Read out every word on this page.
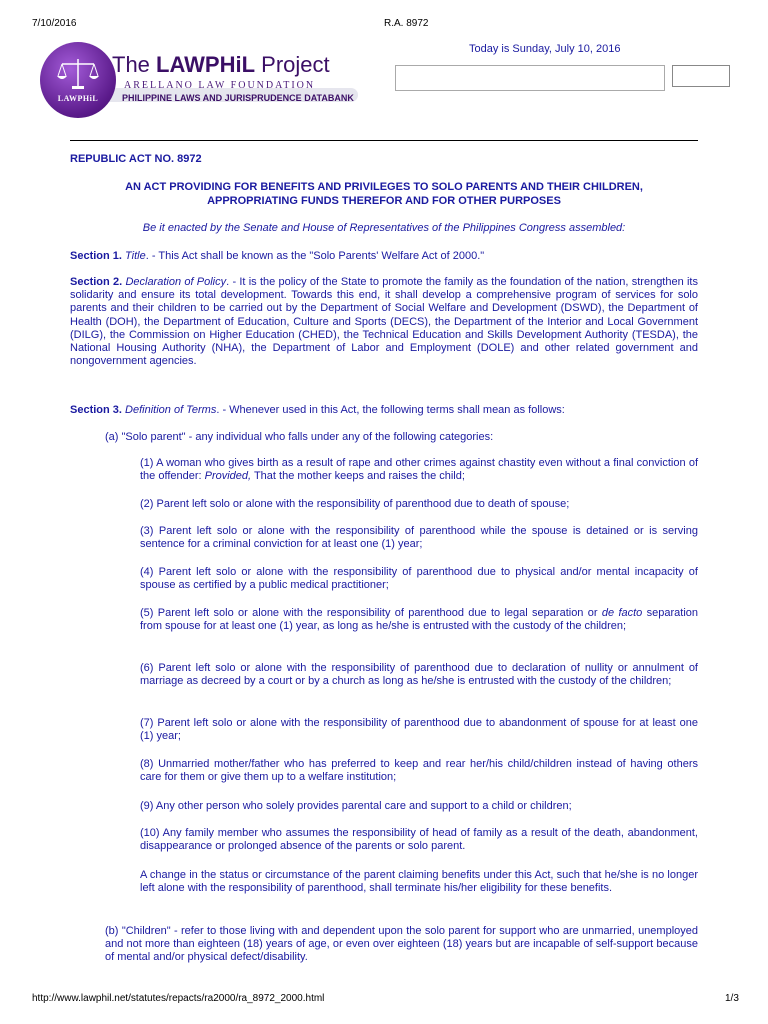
7/10/2016	R.A. 8972
LAWPHiL
The LAWPHiL Project
ARELLANO LAW FOUNDATION
PHILIPPINE LAWS AND JURISPRUDENCE DATABANK
Today is Sunday, July 10, 2016
REPUBLIC ACT NO. 8972
AN ACT PROVIDING FOR BENEFITS AND PRIVILEGES TO SOLO PARENTS AND THEIR CHILDREN,
APPROPRIATING FUNDS THEREFOR AND FOR OTHER PURPOSES
Be it enacted by the Senate and House of Representatives of the Philippines Congress assembled:
Section 1. Title. - This Act shall be known as the "Solo Parents' Welfare Act of 2000."
Section 2. Declaration of Policy. - It is the policy of the State to promote the family as the foundation of the nation, strengthen its solidarity and ensure its total development. Towards this end, it shall develop a comprehensive program of services for solo parents and their children to be carried out by the Department of Social Welfare and Development (DSWD), the Department of Health (DOH), the Department of Education, Culture and Sports (DECS), the Department of the Interior and Local Government (DILG), the Commission on Higher Education (CHED), the Technical Education and Skills Development Authority (TESDA), the National Housing Authority (NHA), the Department of Labor and Employment (DOLE) and other related government and nongovernment agencies.
Section 3. Definition of Terms. - Whenever used in this Act, the following terms shall mean as follows:
(a) "Solo parent" - any individual who falls under any of the following categories:
(1) A woman who gives birth as a result of rape and other crimes against chastity even without a final conviction of the offender: Provided, That the mother keeps and raises the child;
(2) Parent left solo or alone with the responsibility of parenthood due to death of spouse;
(3) Parent left solo or alone with the responsibility of parenthood while the spouse is detained or is serving sentence for a criminal conviction for at least one (1) year;
(4) Parent left solo or alone with the responsibility of parenthood due to physical and/or mental incapacity of spouse as certified by a public medical practitioner;
(5) Parent left solo or alone with the responsibility of parenthood due to legal separation or de facto separation from spouse for at least one (1) year, as long as he/she is entrusted with the custody of the children;
(6) Parent left solo or alone with the responsibility of parenthood due to declaration of nullity or annulment of marriage as decreed by a court or by a church as long as he/she is entrusted with the custody of the children;
(7) Parent left solo or alone with the responsibility of parenthood due to abandonment of spouse for at least one (1) year;
(8) Unmarried mother/father who has preferred to keep and rear her/his child/children instead of having others care for them or give them up to a welfare institution;
(9) Any other person who solely provides parental care and support to a child or children;
(10) Any family member who assumes the responsibility of head of family as a result of the death, abandonment, disappearance or prolonged absence of the parents or solo parent.
A change in the status or circumstance of the parent claiming benefits under this Act, such that he/she is no longer left alone with the responsibility of parenthood, shall terminate his/her eligibility for these benefits.
(b) "Children" - refer to those living with and dependent upon the solo parent for support who are unmarried, unemployed and not more than eighteen (18) years of age, or even over eighteen (18) years but are incapable of self-support because of mental and/or physical defect/disability.
http://www.lawphil.net/statutes/repacts/ra2000/ra_8972_2000.html	1/3
